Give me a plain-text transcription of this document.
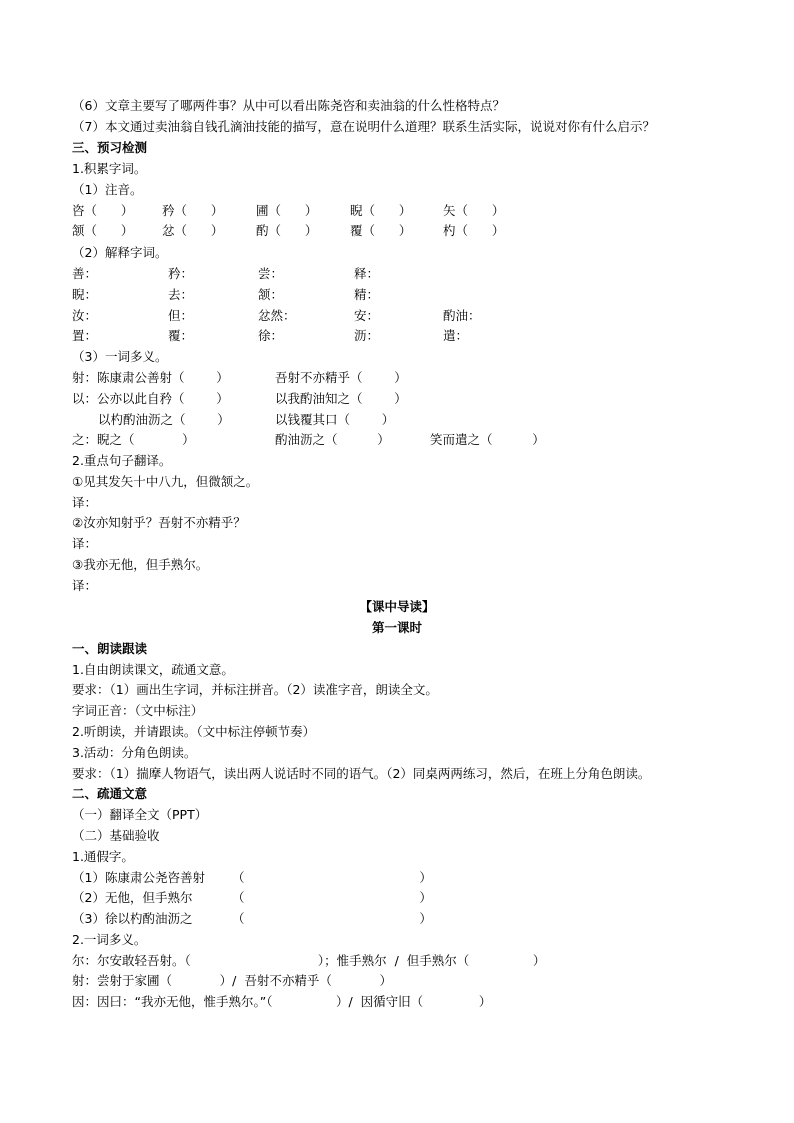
（6）文章主要写了哪两件事？从中可以看出陈尧咨和卖油翁的什么性格特点？
（7）本文通过卖油翁自钱孔滴油技能的描写，意在说明什么道理？联系生活实际，说说对你有什么启示？
三、预习检测
1.积累字词。
（1）注音。
咨（      ） 矜（      ）	圃（      ）	睨（      ）	矢（      ）
颔（      ） 忿（      ）	酌（      ）	覆（      ）	杓（      ）
（2）解释字词。
善：	矜：	尝：	释：
睨：	去：	颔：	精：
汝：	但：	忿然：	安：	酌油：
置：	覆：	徐：	沥：	遣：
（3）一词多义。
射：陈康肃公善射（        ）	吾射不亦精乎（        ）
以：公亦以此自矜（        ）	以我酌油知之（        ）
以杓酌油沥之（        ）	以钱覆其口（        ）
之：睨之（            ）	酌油沥之（          ）	笑而遣之（          ）
2.重点句子翻译。
①见其发矢十中八九，但微颔之。
译：
②汝亦知射乎？吾射不亦精乎？
译：
③我亦无他，但手熟尔。
译：
【课中导读】
第一课时
一、朗读跟读
1.自由朗读课文，疏通文意。
要求：（1）画出生字词，并标注拼音。（2）读准字音，朗读全文。
字词正音：（文中标注）
2.听朗读，并请跟读。（文中标注停顿节奏）
3.活动：分角色朗读。
要求：（1）揣摩人物语气，读出两人说话时不同的语气。（2）同桌两两练习，然后，在班上分角色朗读。
二、疏通文意
（一）翻译全文（PPT）
（二）基础验收
1.通假字。
（1）陈康肃公尧咨善射 （                                            ）
（2）无他，但手熟尔	（                                            ）
（3）徐以杓酌油沥之	（                                            ）
2.一词多义。
尔：尔安敢轻吾射。（                                ）；惟手熟尔  /  但手熟尔（                ）
射：尝射于家圃（            ）/  吾射不亦精乎（            ）
因：因曰：“我亦无他，惟手熟尔。”（                ）/  因循守旧（              ）
